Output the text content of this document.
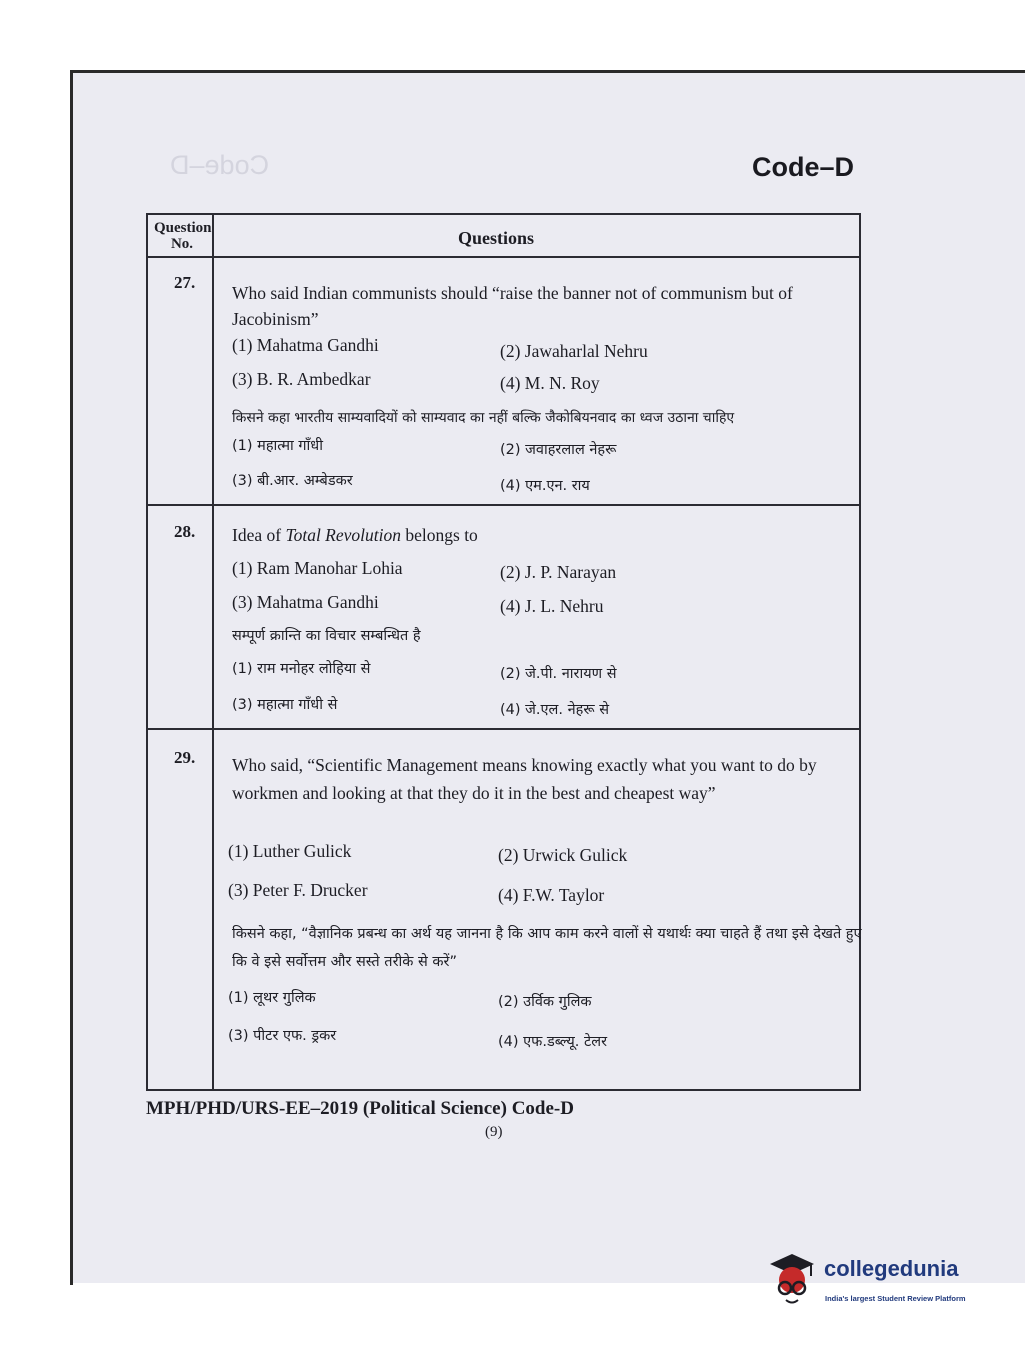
Code–D	Code–D
Question
No.	Questions
27.
Who said Indian communists should “raise the banner not of communism but of Jacobinism”
(1) Mahatma Gandhi	(2) Jawaharlal Nehru
(3) B. R. Ambedkar	(4) M. N. Roy
किसने कहा भारतीय साम्यवादियों को साम्यवाद का नहीं बल्कि जैकोबियनवाद का ध्वज उठाना चाहिए
(1) महात्मा गाँधी	(2) जवाहरलाल नेहरू
(3) बी.आर. अम्बेडकर	(4) एम.एन. राय
28. Idea of Total Revolution belongs to
(1) Ram Manohar Lohia	(2) J. P. Narayan
(3) Mahatma Gandhi	(4) J. L. Nehru
सम्पूर्ण क्रान्ति का विचार सम्बन्धित है
(1) राम मनोहर लोहिया से	(2) जे.पी. नारायण से
(3) महात्मा गाँधी से	(4) जे.एल. नेहरू से
29. Who said, “Scientific Management means knowing exactly what you want to do by workmen and looking at that they do it in the best and cheapest way”
(1) Luther Gulick	(2) Urwick Gulick
(3) Peter F. Drucker	(4) F.W. Taylor
किसने कहा, “वैज्ञानिक प्रबन्ध का अर्थ यह जानना है कि आप काम करने वालों से यथार्थः क्या चाहते हैं तथा इसे देखते हुए कि वे इसे सर्वोत्तम और सस्ते तरीके से करें”
(1) लूथर गुलिक	(2) उर्विक गुलिक
(3) पीटर एफ. ड्रकर	(4) एफ.डब्ल्यू. टेलर
MPH/PHD/URS-EE–2019 (Political Science) Code-D
(9)
collegedunia
India's largest Student Review Platform
